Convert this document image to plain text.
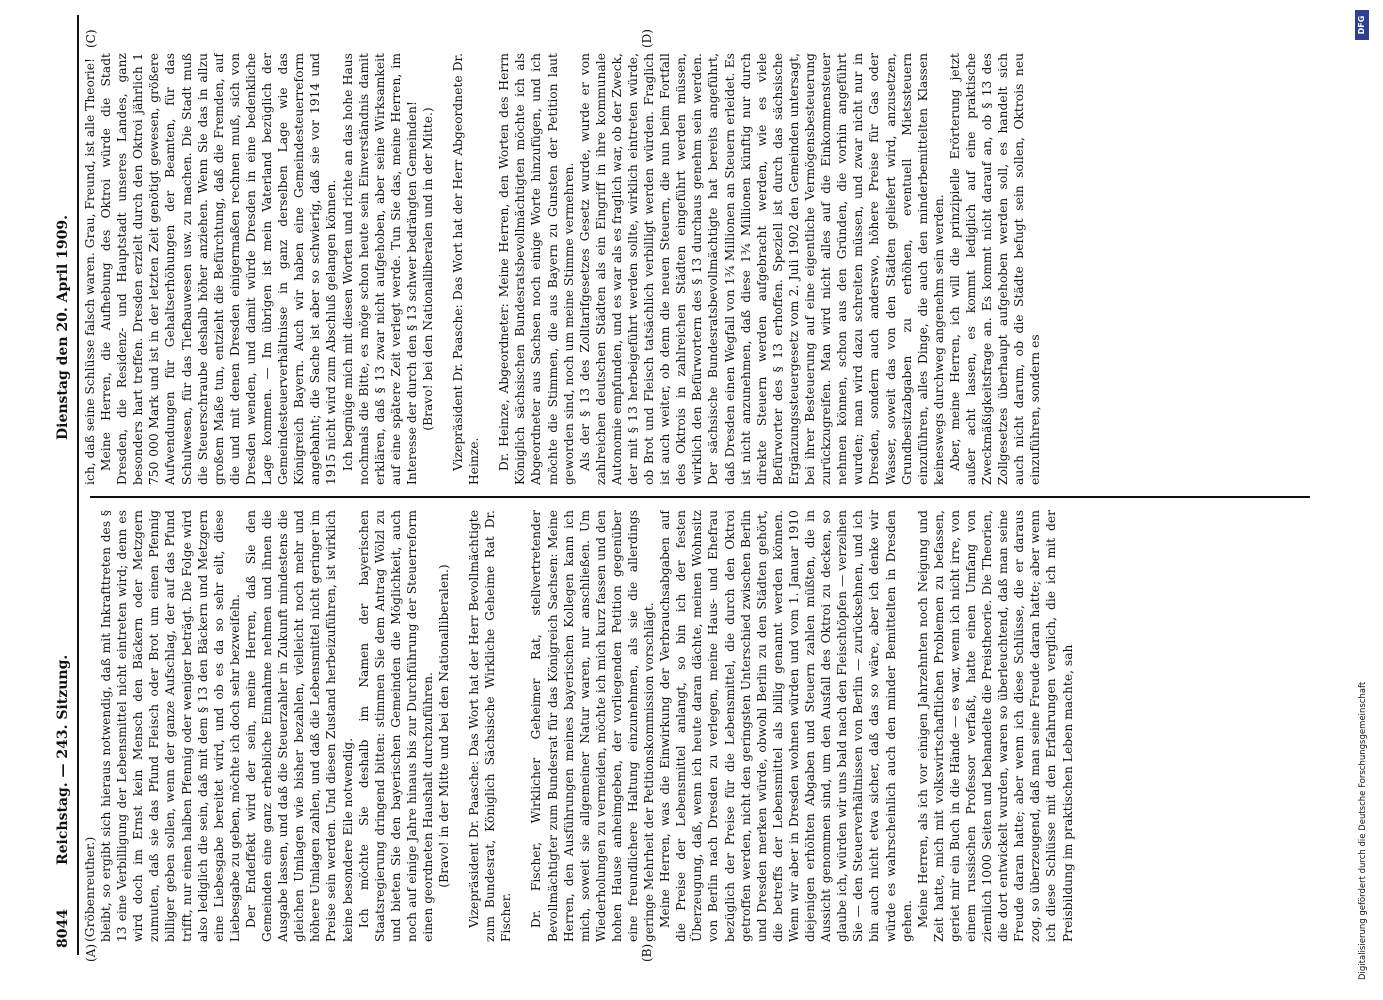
8044
Reichstag. — 243. Sitzung.
Dienstag den 20. April 1909.
(A)	(B)
(C)	(D)

(Gröbenreuther.) bleibt, so ergibt sich hieraus notwendig, daß mit Inkrafttreten des § 13 eine Verbilligung der Lebensmittel nicht eintreten wird; denn es wird doch im Ernst kein Mensch den Bäckern oder Metzgern zumuten, daß sie das Pfund Fleisch oder Brot um einen Pfennig billiger geben sollen, wenn der ganze Aufschlag, der auf das Pfund trifft, nur einen halben Pfennig oder weniger beträgt. Die Folge wird also lediglich die sein, daß mit dem § 13 den Bäckern und Metzgern eine Liebesgabe bereitet wird, und ob es da so sehr eilt, diese Liebesgabe zu geben, möchte ich doch sehr bezweifeln. Der Endeffekt wird der sein, meine Herren, daß Sie den Gemeinden eine ganz erhebliche Einnahme nehmen und ihnen die Ausgabe lassen, und daß die Steuerzahler in Zukunft mindestens die gleichen Umlagen wie bisher bezahlen, vielleicht noch mehr und höhere Umlagen zahlen, und daß die Lebensmittel nicht geringer im Preise sein werden. Und diesen Zustand herbeizuführen, ist wirklich keine besondere Eile notwendig. Ich möchte Sie deshalb im Namen der bayerischen Staatsregierung dringend bitten: stimmen Sie dem Antrag Wölzl zu und bieten Sie den bayerischen Gemeinden die Möglichkeit, auch noch auf einige Jahre hinaus bis zur Durchführung der Steuerreform einen geordneten Haushalt durchzuführen. (Bravo! in der Mitte und bei den Nationalliberalen.) Vizepräsident Dr. Paasche: Das Wort hat der Herr Bevollmächtigte zum Bundesrat, Königlich Sächsische Wirkliche Geheime Rat Dr. Fischer. Dr. Fischer, Wirklicher Geheimer Rat, stellvertretender Bevollmächtigter zum Bundesrat für das Königreich Sachsen: Meine Herren, den Ausführungen meines bayerischen Kollegen kann ich mich, soweit sie allgemeiner Natur waren, nur anschließen. Um Wiederholungen zu vermeiden, möchte ich mich kurz fassen und den hohen Hause anheimgeben, der vorliegenden Petition gegenüber eine freundlichere Haltung einzunehmen, als sie die allerdings geringe Mehrheit der Petitionskommission vorschlägt. Meine Herren, was die Einwirkung der Verbrauchsabgaben auf die Preise der Lebensmittel anlangt, so bin ich der festen Überzeugung, daß, wenn ich heute daran dächte, meinen Wohnsitz von Berlin nach Dresden zu verlegen, meine Haus- und Ehefrau bezüglich der Preise für die Lebensmittel, die durch den Oktroi getroffen werden, nicht den geringsten Unterschied zwischen Berlin und Dresden merken würde, obwohl Berlin zu den Städten gehört, die betreffs der Lebensmittel als billig genannt werden können. Wenn wir aber in Dresden wohnen würden und vom 1. Januar 1910 diejenigen erhöhten Abgaben und Steuern zahlen müßten, die in Aussicht genommen sind, um den Ausfall des Oktroi zu decken, so glaube ich, würden wir uns bald nach den Fleischtöpfen — verzeihen Sie — den Steuerverhältnissen von Berlin — zurücksehnen, und ich bin auch nicht etwa sicher, daß das so wäre, aber ich denke wir würde es wahrscheinlich auch den minder Bemittelten in Dresden gehen. Meine Herren, als ich vor einigen Jahrzehnten noch Neigung und Zeit hatte, mich mit volkswirtschaftlichen Problemen zu befassen, geriet mir ein Buch in die Hände — es war, wenn ich nicht irre, von einem russischen Professor verfaßt, hatte einen Umfang von ziemlich 1000 Seiten und behandelte die Preistheorie. Die Theorien, die dort entwickelt wurden, waren so überleuchtend, daß man seine Freude daran hatte; aber wenn ich diese Schlüsse, die er daraus zog, so überzeugend, daß man seine Freude daran hatte; aber wenn ich diese Schlüsse mit den Erfahrungen verglich, die ich mit der Preisbildung im praktischen Leben machte, sah

ich, daß seine Schlüsse falsch waren. Grau, Freund, ist alle Theorie! Meine Herren, die Aufhebung des Oktroi würde die Stadt Dresden, die Residenz- und Hauptstadt unseres Landes, ganz besonders hart treffen. Dresden erzielt durch den Oktroi jährlich 1 750 000 Mark und ist in der letzten Zeit genötigt gewesen, größere Aufwendungen für Gehaltserhöhungen der Beamten, für das Schulwesen, für das Tiefbauwesen usw. zu machen. Die Stadt muß die Steuerschraube deshalb höher anziehen. Wenn Sie das in allzu großem Maße tun, entzieht die Befürchtung, daß die Fremden, auf die und mit denen Dresden einigermaßen rechnen muß, sich von Dresden wenden, und damit würde Dresden in eine bedenkliche Lage kommen. — Im übrigen ist mein Vaterland bezüglich der Gemeindesteuerverhältnisse in ganz derselben Lage wie das Königreich Bayern. Auch wir haben eine Gemeindesteuerreform angebahnt; die Sache ist aber so schwierig, daß sie vor 1914 und 1915 nicht wird zum Abschluß gelangen können. Ich begnüge mich mit diesen Worten und richte an das hohe Haus nochmals die Bitte, es möge schon heute sein Einverständnis damit erklären, daß § 13 zwar nicht aufgehoben, aber seine Wirksamkeit auf eine spätere Zeit verlegt werde. Tun Sie das, meine Herren, im Interesse der durch den § 13 schwer bedrängten Gemeinden! (Bravo! bei den Nationalliberalen und in der Mitte.) Vizepräsident Dr. Paasche: Das Wort hat der Herr Abgeordnete Dr. Heinze. Dr. Heinze, Abgeordneter: Meine Herren, den Worten des Herrn Königlich sächsischen Bundesratsbevollmächtigten möchte ich als Abgeordneter aus Sachsen noch einige Worte hinzufügen, und ich möchte die Stimmen, die aus Bayern zu Gunsten der Petition laut geworden sind, noch um meine Stimme vermehren. Als der § 13 des Zolltarifgesetzes Gesetz wurde, wurde er von zahlreichen deutschen Städten als ein Eingriff in ihre kommunale Autonomie empfunden, und es war als es fraglich war, ob der Zweck, der mit § 13 herbeigeführt werden sollte, wirklich eintreten würde, ob Brot und Fleisch tatsächlich verbilligt werden würden. Fraglich ist auch weiter, ob denn die neuen Steuern, die nun beim Fortfall des Oktrois in zahlreichen Städten eingeführt werden müssen, wirklich den Befürwortern des § 13 durchaus genehm sein werden. Der sächsische Bundesratsbevollmächtigte hat bereits angeführt, daß Dresden einen Wegfall von 1¾ Millionen an Steuern erleidet. Es ist nicht anzunehmen, daß diese 1¾ Millionen künftig nur durch direkte Steuern werden aufgebracht werden, wie es viele Befürworter des § 13 erhoffen. Speziell ist durch das sächsische Ergänzungssteuergesetz vom 2. Juli 1902 den Gemeinden untersagt, bei ihrer Besteuerung auf eine eigentliche Vermögensbesteuerung zurückzugreifen. Man wird nicht alles auf die Einkommensteuer nehmen können, schon aus den Gründen, die vorhin angeführt wurden; man wird dazu schreiten müssen, und zwar nicht nur in Dresden, sondern auch anderswo, höhere Preise für Gas oder Wasser, soweit das von den Städten geliefert wird, anzusetzen, Grundbesitzabgaben zu erhöhen, eventuell Mietssteuern einzuführen, alles Dinge, die auch den minderbemittelten Klassen keineswegs durchweg angenehm sein werden. Aber, meine Herren, ich will die prinzipielle Erörterung jetzt außer acht lassen, es kommt lediglich auf eine praktische Zweckmäßigkeitsfrage an. Es kommt nicht darauf an, ob § 13 des Zollgesetzes überhaupt aufgehoben werden soll, es handelt sich auch nicht darum, ob die Städte befugt sein sollen, Oktrois neu einzuführen, sondern es

Digitalisierung gefördert durch die Deutsche Forschungsgemeinschaft
DFG
